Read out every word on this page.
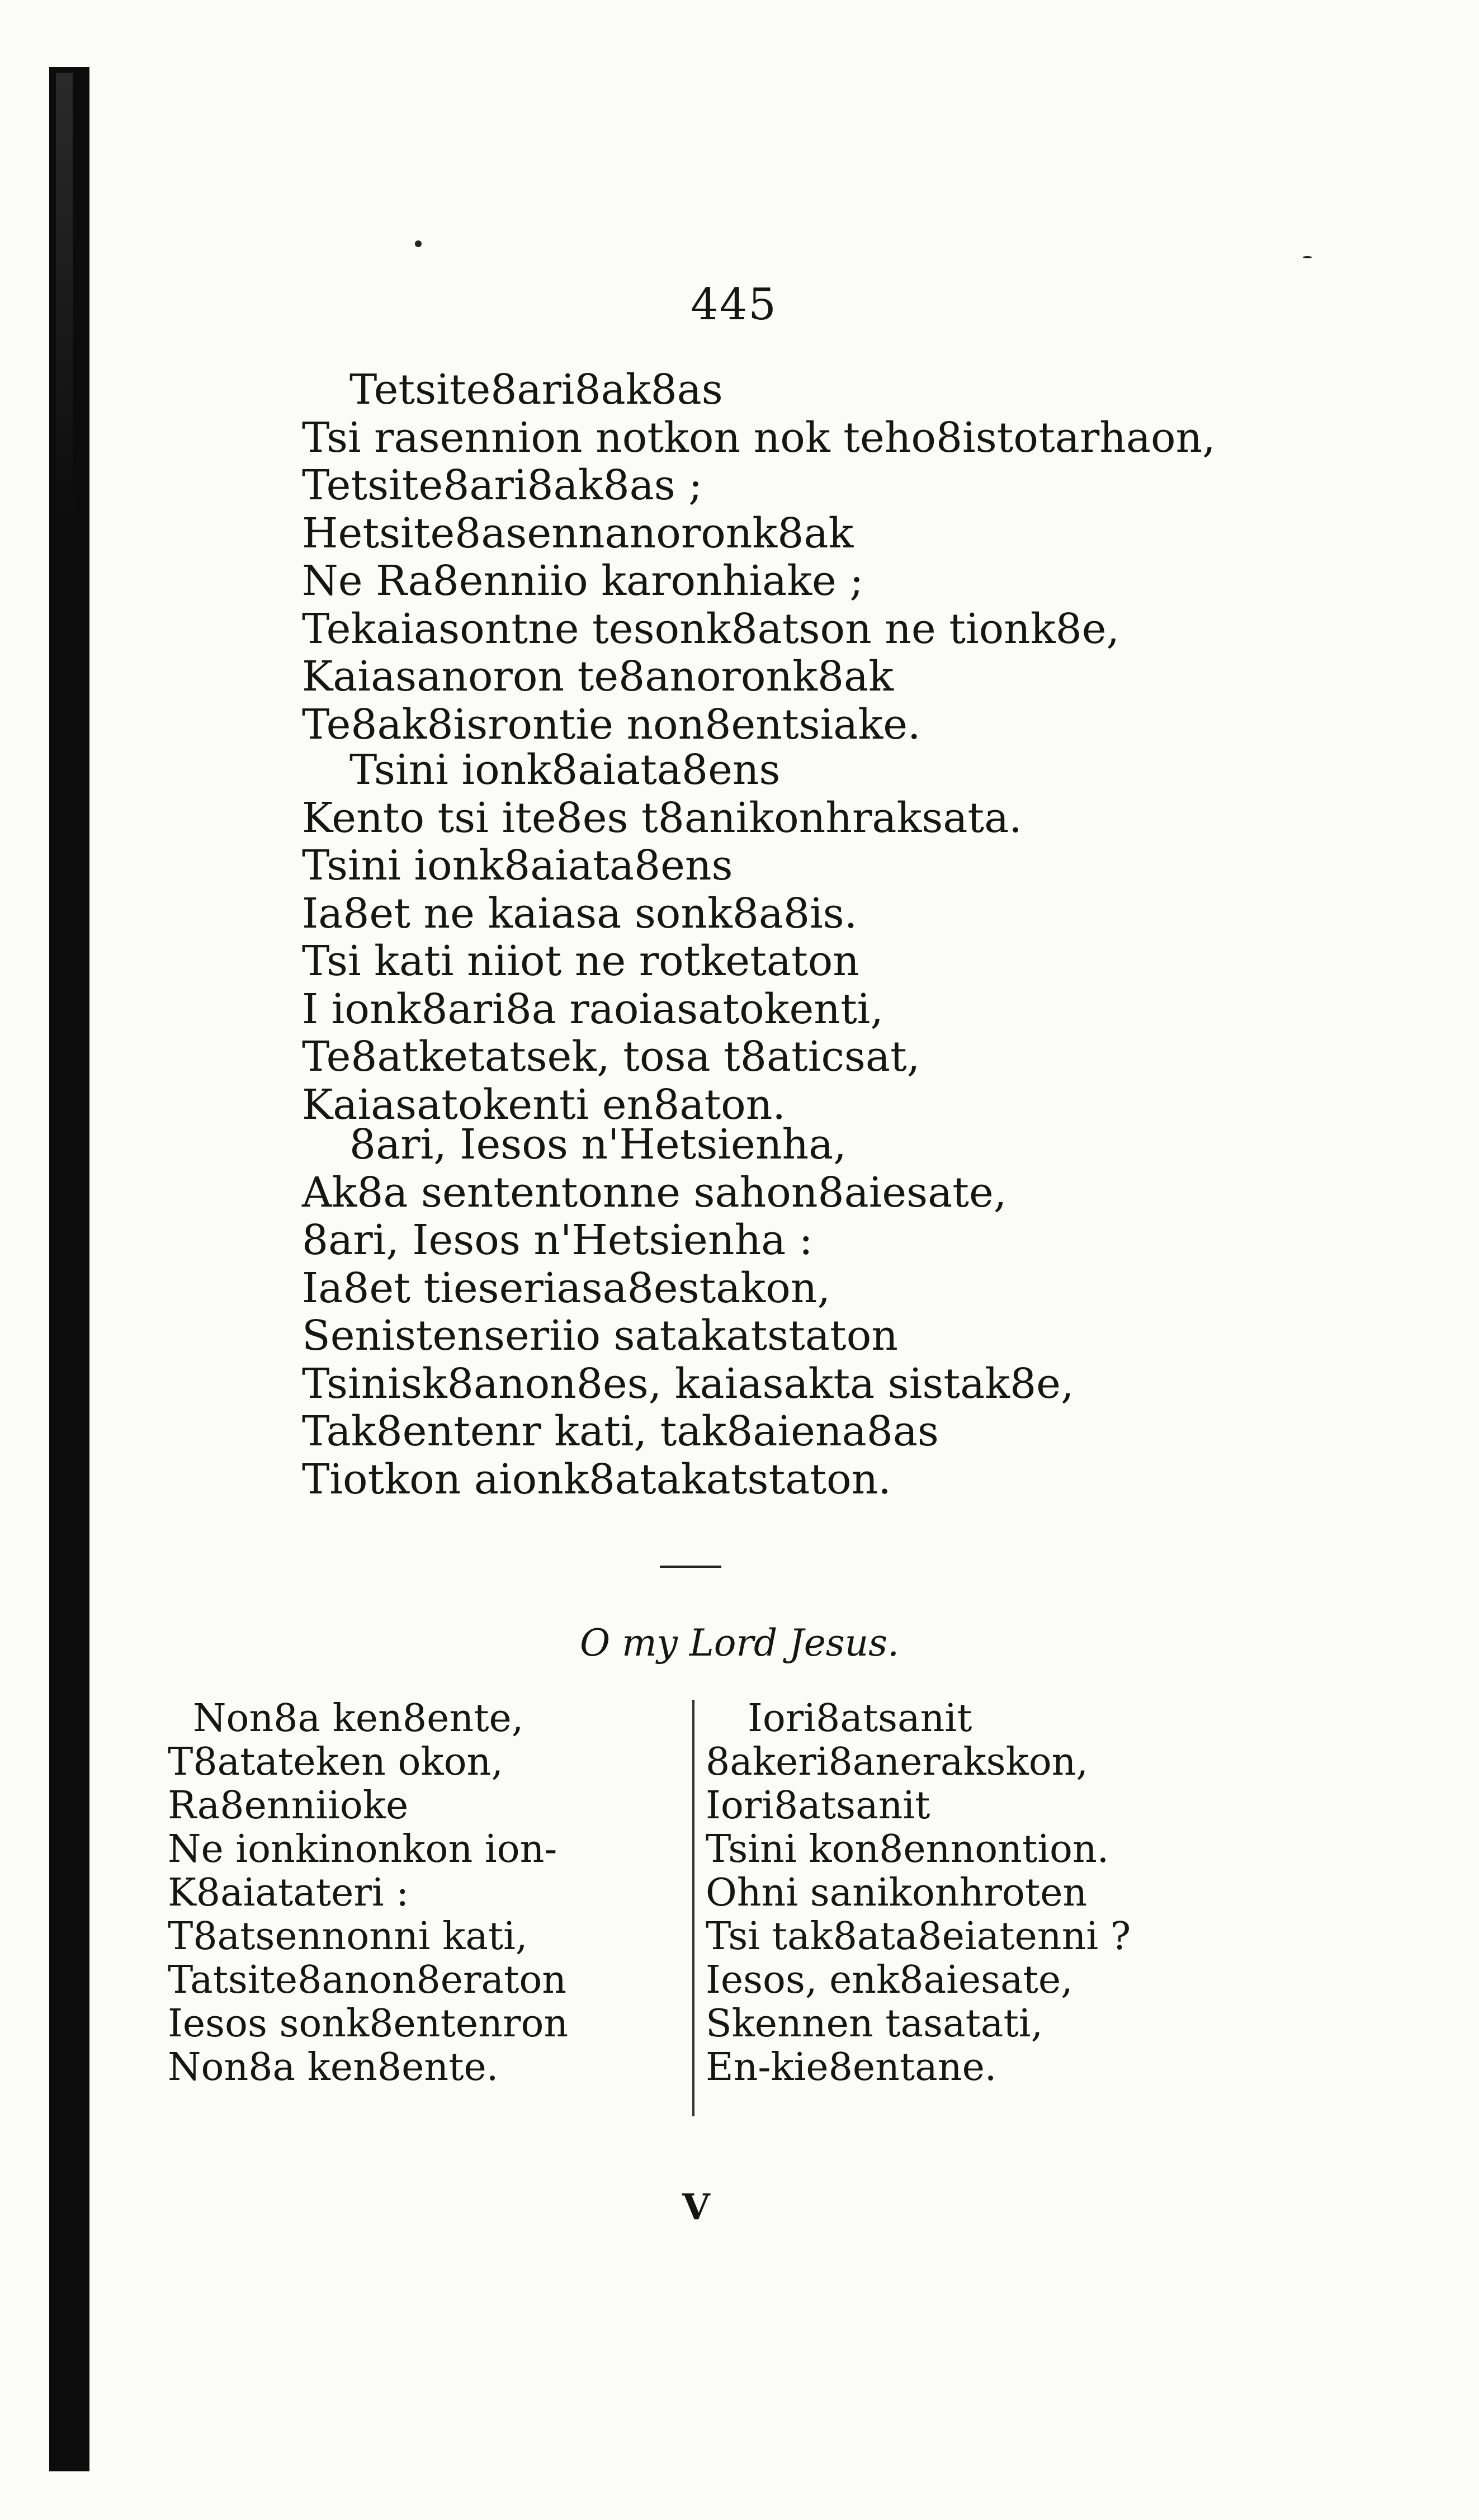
445
Tetsite8ari8ak8as
Tsi rasennion notkon nok teho8istotarhaon,
Tetsite8ari8ak8as ;
Hetsite8asennanoronk8ak
Ne Ra8enniio karonhiake ;
Tekaiasontne tesonk8atson ne tionk8e,
Kaiasanoron te8anoronk8ak
Te8ak8isrontie non8entsiake.
Tsini ionk8aiata8ens
Kento tsi ite8es t8anikonhraksata.
Tsini ionk8aiata8ens
Ia8et ne kaiasa sonk8a8is.
Tsi kati niiot ne rotketaton
I ionk8ari8a raoiasatokenti,
Te8atketatsek, tosa t8aticsat,
Kaiasatokenti en8aton.
8ari, Iesos n'Hetsienha,
Ak8a sententonne sahon8aiesate,
8ari, Iesos n'Hetsienha :
Ia8et tieseriasa8estakon,
Senistenseriio satakatstaton
Tsinisk8anon8es, kaiasakta sistak8e,
Tak8entenr kati, tak8aiena8as
Tiotkon aionk8atakatstaton.
O my Lord Jesus.
Non8a ken8ente,
T8atateken okon,
Ra8enniioke
Ne ionkinonkon ion-
K8aiatateri :
T8atsennonni kati,
Tatsite8anon8eraton
Iesos sonk8entenron
Non8a ken8ente.
Iori8atsanit
8akeri8anerakskon,
Iori8atsanit
Tsini kon8ennontion.
Ohni sanikonhroten
Tsi tak8ata8eiatenni ?
Iesos, enk8aiesate,
Skennen tasatati,
En-kie8entane.
V
